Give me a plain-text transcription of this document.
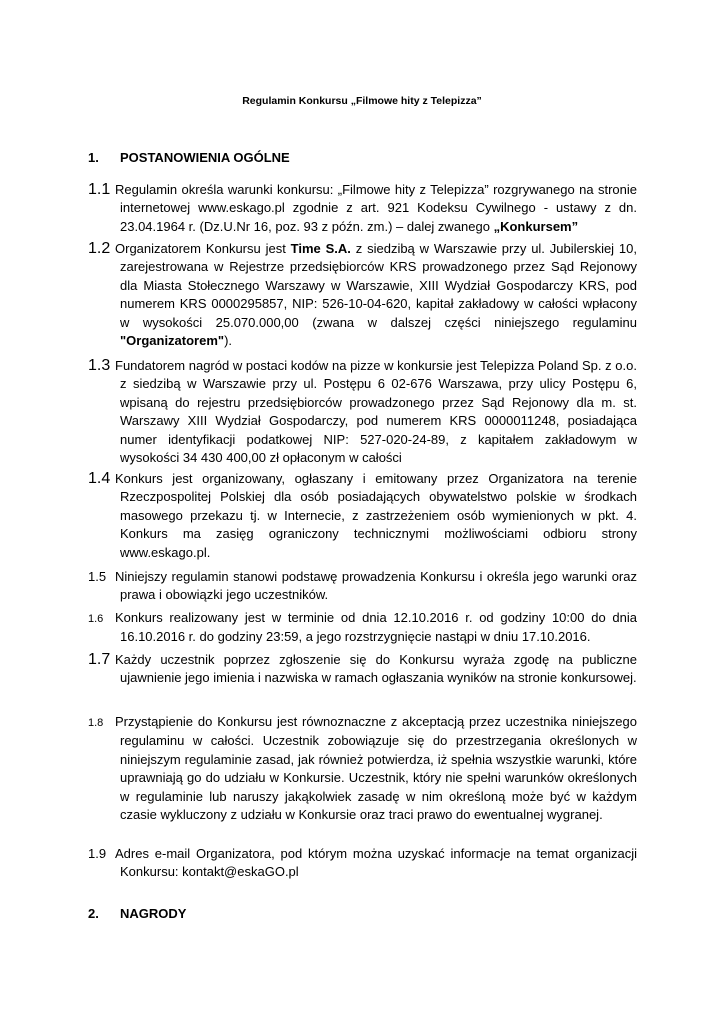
Regulamin Konkursu „Filmowe hity z Telepizza”
1. POSTANOWIENIA OGÓLNE
1.1 Regulamin określa warunki konkursu: „Filmowe hity z Telepizza” rozgrywanego na stronie internetowej www.eskago.pl zgodnie z art. 921 Kodeksu Cywilnego - ustawy z dn. 23.04.1964 r. (Dz.U.Nr 16, poz. 93 z późn. zm.) – dalej zwanego „Konkursem”
1.2 Organizatorem Konkursu jest Time S.A. z siedzibą w Warszawie przy ul. Jubilerskiej 10, zarejestrowana w Rejestrze przedsiębiorców KRS prowadzonego przez Sąd Rejonowy dla Miasta Stołecznego Warszawy w Warszawie, XIII Wydział Gospodarczy KRS, pod numerem KRS 0000295857, NIP: 526-10-04-620, kapitał zakładowy w całości wpłacony w wysokości 25.070.000,00 (zwana w dalszej części niniejszego regulaminu "Organizatorem").
1.3 Fundatorem nagród w postaci kodów na pizze w konkursie jest Telepizza Poland Sp. z o.o. z siedzibą w Warszawie przy ul. Postępu 6 02-676 Warszawa, przy ulicy Postępu 6, wpisaną do rejestru przedsiębiorców prowadzonego przez Sąd Rejonowy dla m. st. Warszawy XIII Wydział Gospodarczy, pod numerem KRS 0000011248, posiadająca numer identyfikacji podatkowej NIP: 527-020-24-89, z kapitałem zakładowym w wysokości 34 430 400,00 zł opłaconym w całości
1.4 Konkurs jest organizowany, ogłaszany i emitowany przez Organizatora na terenie Rzeczpospolitej Polskiej dla osób posiadających obywatelstwo polskie w środkach masowego przekazu tj. w Internecie, z zastrzeżeniem osób wymienionych w pkt. 4. Konkurs ma zasięg ograniczony technicznymi możliwościami odbioru strony www.eskago.pl.
1.5 Niniejszy regulamin stanowi podstawę prowadzenia Konkursu i określa jego warunki oraz prawa i obowiązki jego uczestników.
1.6 Konkurs realizowany jest w terminie od dnia 12.10.2016 r. od godziny 10:00 do dnia 16.10.2016 r. do godziny 23:59, a jego rozstrzygnięcie nastąpi w dniu 17.10.2016.
1.7 Każdy uczestnik poprzez zgłoszenie się do Konkursu wyraża zgodę na publiczne ujawnienie jego imienia i nazwiska w ramach ogłaszania wyników na stronie konkursowej.
1.8 Przystąpienie do Konkursu jest równoznaczne z akceptacją przez uczestnika niniejszego regulaminu w całości. Uczestnik zobowiązuje się do przestrzegania określonych w niniejszym regulaminie zasad, jak również potwierdza, iż spełnia wszystkie warunki, które uprawniają go do udziału w Konkursie. Uczestnik, który nie spełni warunków określonych w regulaminie lub naruszy jakąkolwiek zasadę w nim określoną może być w każdym czasie wykluczony z udziału w Konkursie oraz traci prawo do ewentualnej wygranej.
1.9 Adres e-mail Organizatora, pod którym można uzyskać informacje na temat organizacji Konkursu: kontakt@eskaGO.pl
2. NAGRODY
